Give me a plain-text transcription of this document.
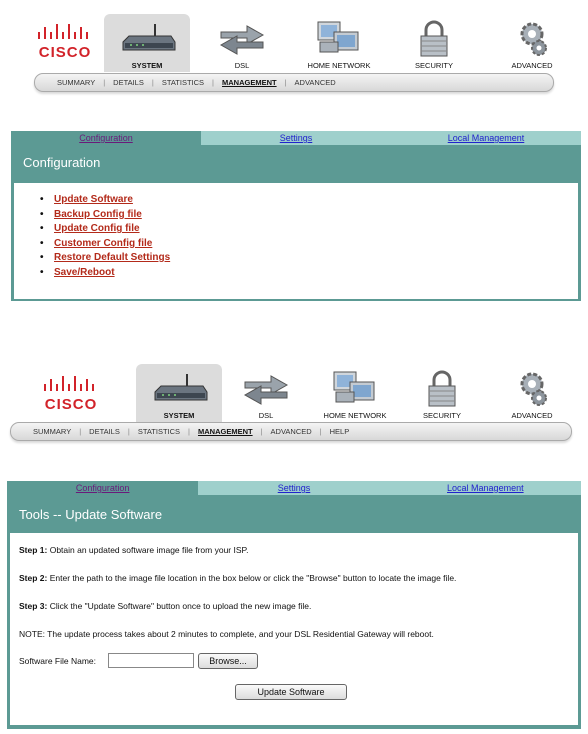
CISCO
SYSTEM	DSL	HOME NETWORK	SECURITY	ADVANCED
SUMMARY	|	DETAILS	|	STATISTICS	|	MANAGEMENT	|	ADVANCED
Configuration	Settings	Local Management
Configuration
• Update Software
• Backup Config file
• Update Config file
• Customer Config file
• Restore Default Settings
• Save/Reboot
CISCO
SYSTEM	DSL	HOME NETWORK	SECURITY	ADVANCED
SUMMARY	|	DETAILS	|	STATISTICS	|	MANAGEMENT	|	ADVANCED	|	HELP
Configuration	Settings	Local Management
Tools -- Update Software
Step 1: Obtain an updated software image file from your ISP.
Step 2: Enter the path to the image file location in the box below or click the "Browse" button to locate the image file.
Step 3: Click the "Update Software" button once to upload the new image file.
NOTE: The update process takes about 2 minutes to complete, and your DSL Residential Gateway will reboot.
Software File Name:	Browse...
Update Software
